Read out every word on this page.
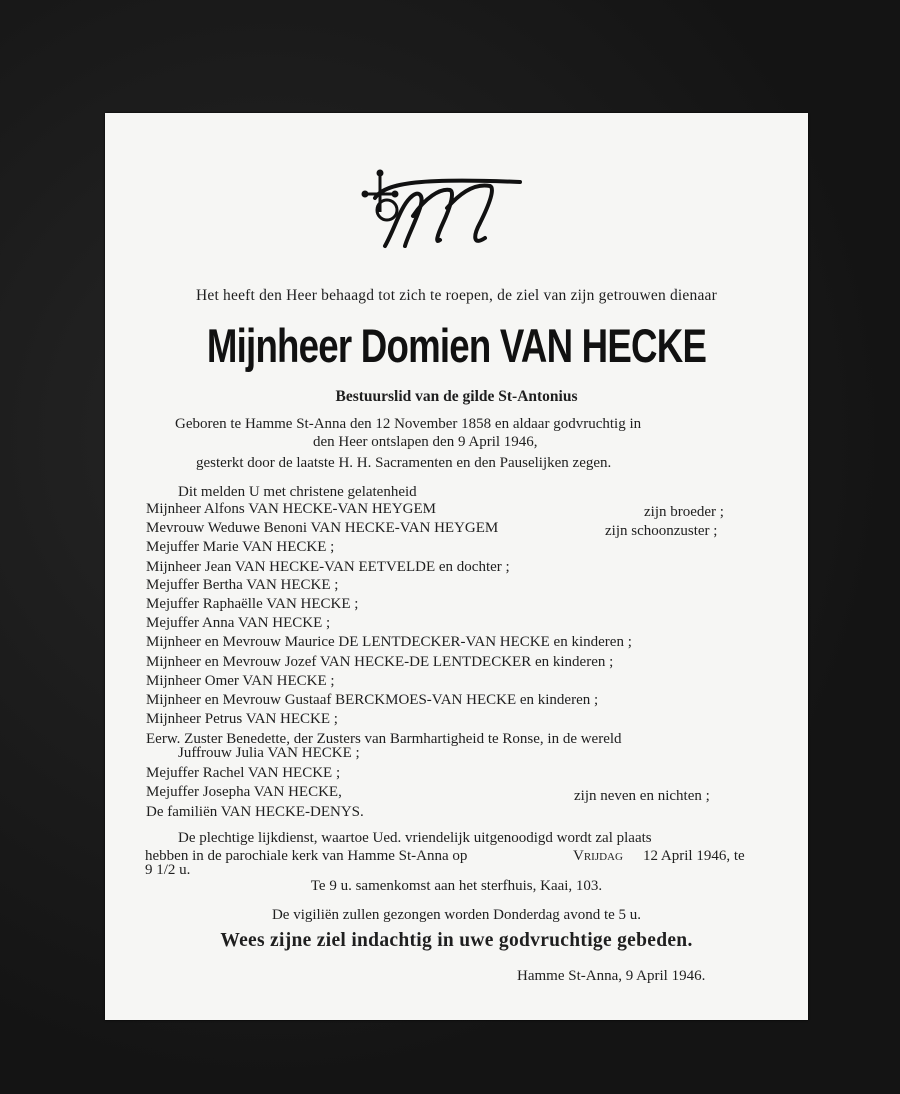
Het heeft den Heer behaagd tot zich te roepen, de ziel van zijn getrouwen dienaar
Mijnheer Domien VAN HECKE
Bestuurslid van de gilde St-Antonius
Geboren te Hamme St-Anna den 12 November 1858 en aldaar godvruchtig in
den Heer ontslapen den 9 April 1946,
gesterkt door de laatste H. H. Sacramenten en den Pauselijken zegen.
Dit melden U met christene gelatenheid
Mijnheer Alfons VAN HECKE-VAN HEYGEM	zijn broeder ;
Mevrouw Weduwe Benoni VAN HECKE-VAN HEYGEM	zijn schoonzuster ;
Mejuffer Marie VAN HECKE ;
Mijnheer Jean VAN HECKE-VAN EETVELDE en dochter ;
Mejuffer Bertha VAN HECKE ;
Mejuffer Raphaëlle VAN HECKE ;
Mejuffer Anna VAN HECKE ;
Mijnheer en Mevrouw Maurice DE LENTDECKER-VAN HECKE en kinderen ;
Mijnheer en Mevrouw Jozef VAN HECKE-DE LENTDECKER en kinderen ;
Mijnheer Omer VAN HECKE ;
Mijnheer en Mevrouw Gustaaf BERCKMOES-VAN HECKE en kinderen ;
Mijnheer Petrus VAN HECKE ;
Eerw. Zuster Benedette, der Zusters van Barmhartigheid te Ronse, in de wereld
Juffrouw Julia VAN HECKE ;
Mejuffer Rachel VAN HECKE ;
Mejuffer Josepha VAN HECKE,	zijn neven en nichten ;
De familiën VAN HECKE-DENYS.
De plechtige lijkdienst, waartoe Ued. vriendelijk uitgenoodigd wordt zal plaats
hebben in de parochiale kerk van Hamme St-Anna op	Vrijdag 12 April 1946, te
9 1/2 u.
Te 9 u. samenkomst aan het sterfhuis, Kaai, 103.
De vigiliën zullen gezongen worden Donderdag avond te 5 u.
Wees zijne ziel indachtig in uwe godvruchtige gebeden.
Hamme St-Anna, 9 April 1946.
